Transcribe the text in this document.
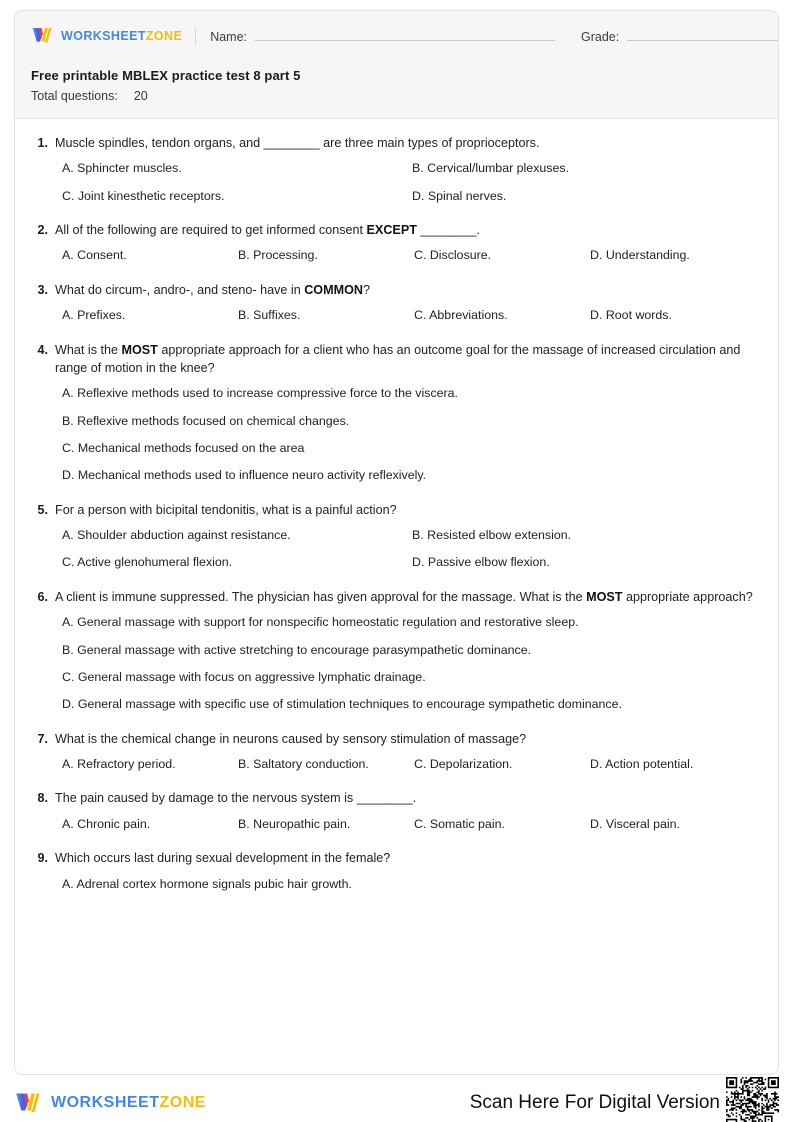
WORKSHEETZONE Name:	Grade:
Free printable MBLEX practice test 8 part 5
Total questions: 20
1. Muscle spindles, tendon organs, and ________ are three main types of proprioceptors.
A. Sphincter muscles.	B. Cervical/lumbar plexuses.
C. Joint kinesthetic receptors.	D. Spinal nerves.
2. All of the following are required to get informed consent EXCEPT ________.
A. Consent.	B. Processing.	C. Disclosure.	D. Understanding.
3. What do circum-, andro-, and steno- have in COMMON?
A. Prefixes.	B. Suffixes.	C. Abbreviations.	D. Root words.
4. What is the MOST appropriate approach for a client who has an outcome goal for the massage of increased circulation and range of motion in the knee?
A. Reflexive methods used to increase compressive force to the viscera.
B. Reflexive methods focused on chemical changes.
C. Mechanical methods focused on the area
D. Mechanical methods used to influence neuro activity reflexively.
5. For a person with bicipital tendonitis, what is a painful action?
A. Shoulder abduction against resistance.	B. Resisted elbow extension.
C. Active glenohumeral flexion.	D. Passive elbow flexion.
6. A client is immune suppressed. The physician has given approval for the massage. What is the MOST appropriate approach?
A. General massage with support for nonspecific homeostatic regulation and restorative sleep.
B. General massage with active stretching to encourage parasympathetic dominance.
C. General massage with focus on aggressive lymphatic drainage.
D. General massage with specific use of stimulation techniques to encourage sympathetic dominance.
7. What is the chemical change in neurons caused by sensory stimulation of massage?
A. Refractory period.	B. Saltatory conduction.	C. Depolarization.	D. Action potential.
8. The pain caused by damage to the nervous system is ________.
A. Chronic pain.	B. Neuropathic pain.	C. Somatic pain.	D. Visceral pain.
9. Which occurs last during sexual development in the female?
A. Adrenal cortex hormone signals pubic hair growth.
WORKSHEETZONE	Scan Here For Digital Version
